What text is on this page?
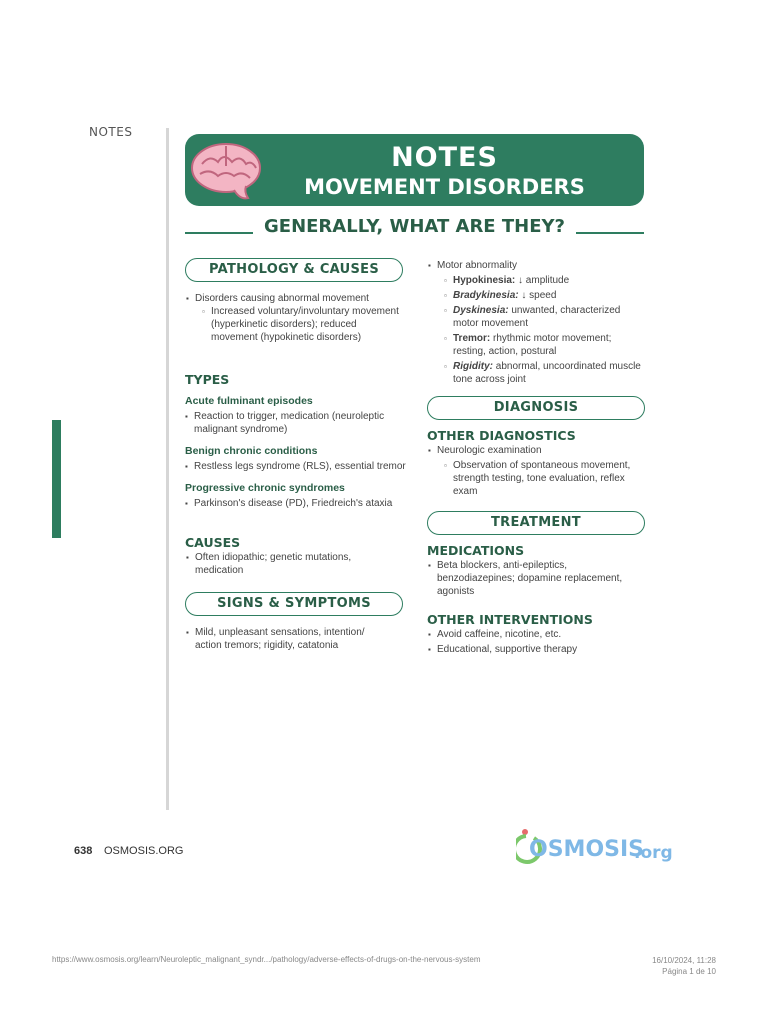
NOTES
NOTES
MOVEMENT DISORDERS
GENERALLY, WHAT ARE THEY?
PATHOLOGY & CAUSES
▪ Disorders causing abnormal movement
▫ Increased voluntary/involuntary movement (hyperkinetic disorders); reduced movement (hypokinetic disorders)
TYPES
Acute fulminant episodes
▪ Reaction to trigger, medication (neuroleptic malignant syndrome)
Benign chronic conditions
▪ Restless legs syndrome (RLS), essential tremor
Progressive chronic syndromes
▪ Parkinson's disease (PD), Friedreich's ataxia
CAUSES
▪ Often idiopathic; genetic mutations, medication
SIGNS & SYMPTOMS
▪ Mild, unpleasant sensations, intention/ action tremors; rigidity, catatonia
▪ Motor abnormality
▫ Hypokinesia: ↓ amplitude
▫ Bradykinesia: ↓ speed
▫ Dyskinesia: unwanted, characterized motor movement
▫ Tremor: rhythmic motor movement; resting, action, postural
▫ Rigidity: abnormal, uncoordinated muscle tone across joint
DIAGNOSIS
OTHER DIAGNOSTICS
▪ Neurologic examination
▫ Observation of spontaneous movement, strength testing, tone evaluation, reflex exam
TREATMENT
MEDICATIONS
▪ Beta blockers, anti-epileptics, benzodiazepines; dopamine replacement, agonists
OTHER INTERVENTIONS
▪ Avoid caffeine, nicotine, etc.
▪ Educational, supportive therapy
638 OSMOSIS.ORG	OSMOSIS
.org
https://www.osmosis.org/learn/Neuroleptic_malignant_syndr.../pathology/adverse-effects-of-drugs-on-the-nervous-system	16/10/2024, 11:28
Página 1 de 10
